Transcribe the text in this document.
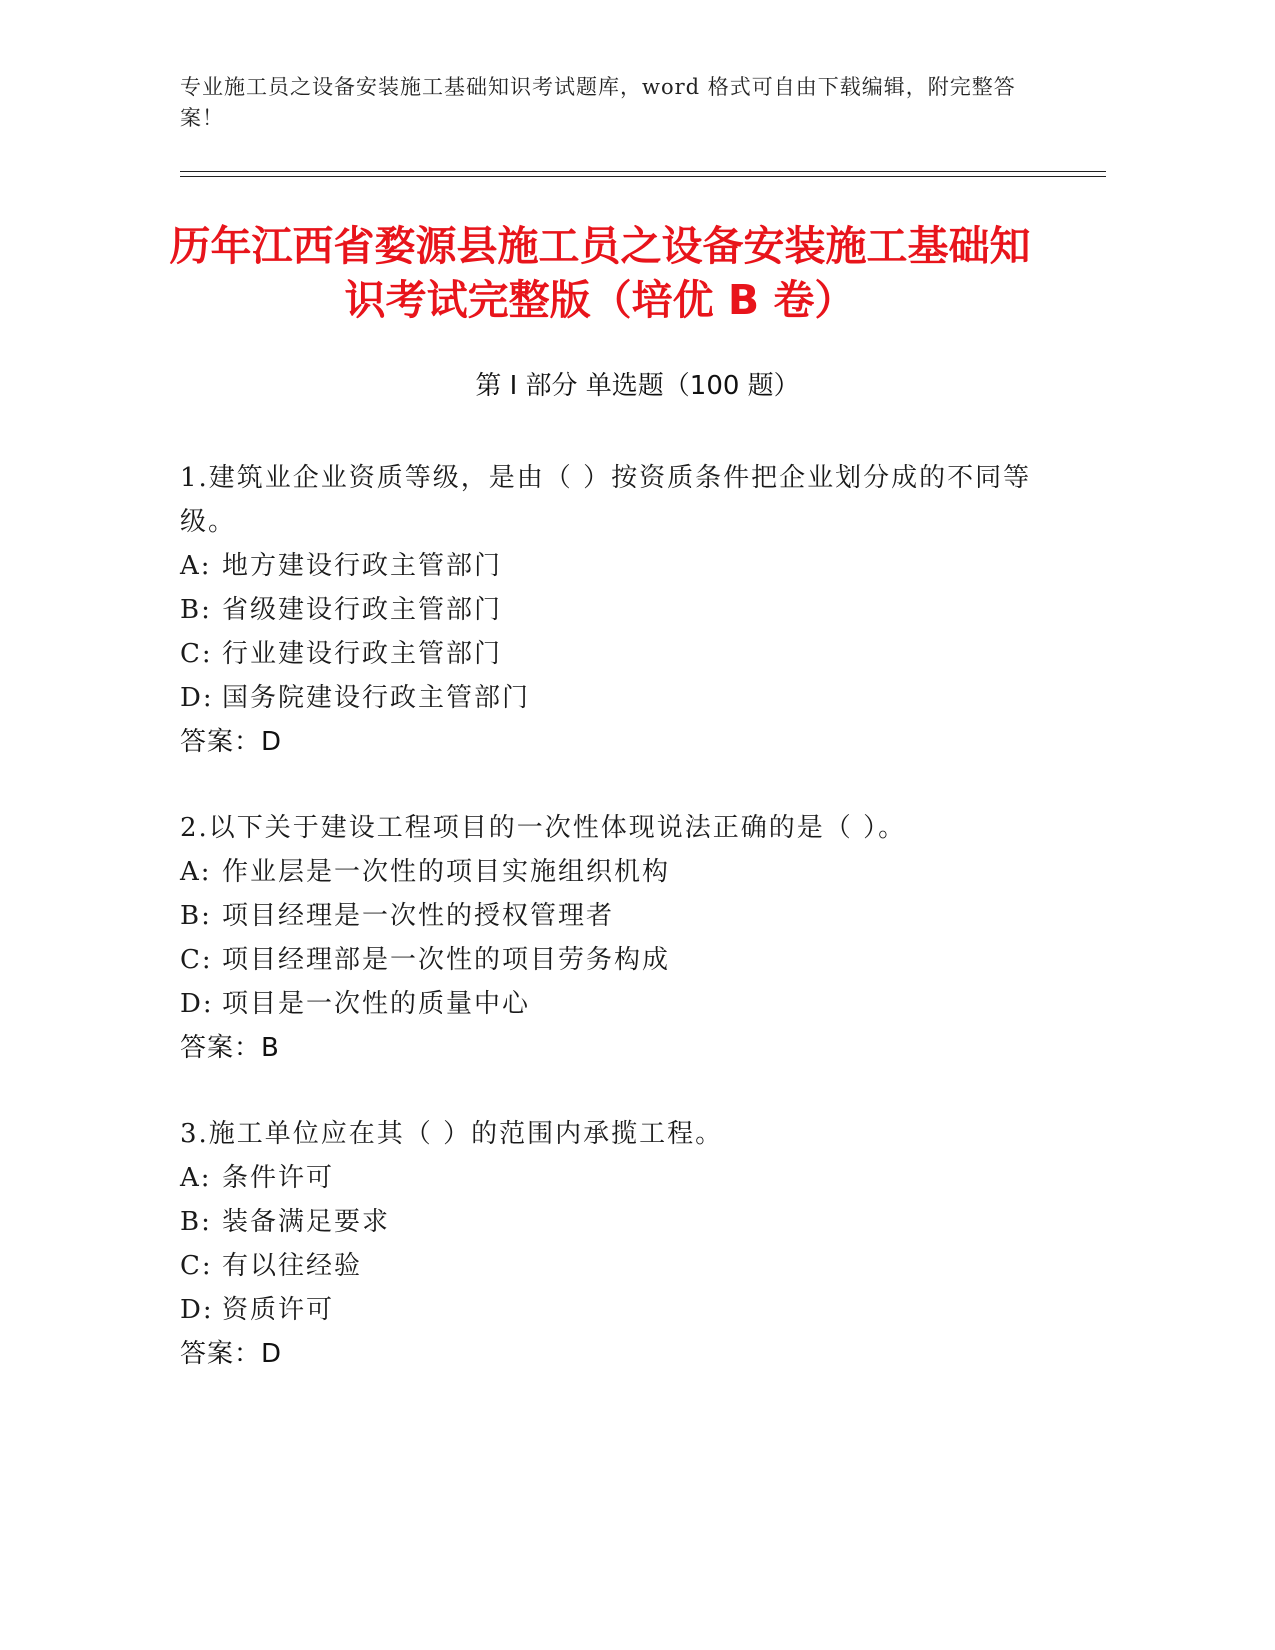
专业施工员之设备安装施工基础知识考试题库，word 格式可自由下载编辑，附完整答案！
历年江西省婺源县施工员之设备安装施工基础知识考试完整版（培优 B 卷）
第 I 部分 单选题（100 题）

1.建筑业企业资质等级，是由（ ）按资质条件把企业划分成的不同等级。

A: 地方建设行政主管部门

B: 省级建设行政主管部门

C: 行业建设行政主管部门

D: 国务院建设行政主管部门

答案：D

2.以下关于建设工程项目的一次性体现说法正确的是（ ）。

A: 作业层是一次性的项目实施组织机构

B: 项目经理是一次性的授权管理者

C: 项目经理部是一次性的项目劳务构成

D: 项目是一次性的质量中心

答案：B

3.施工单位应在其（ ）的范围内承揽工程。

A: 条件许可

B: 装备满足要求

C: 有以往经验

D: 资质许可

答案：D
